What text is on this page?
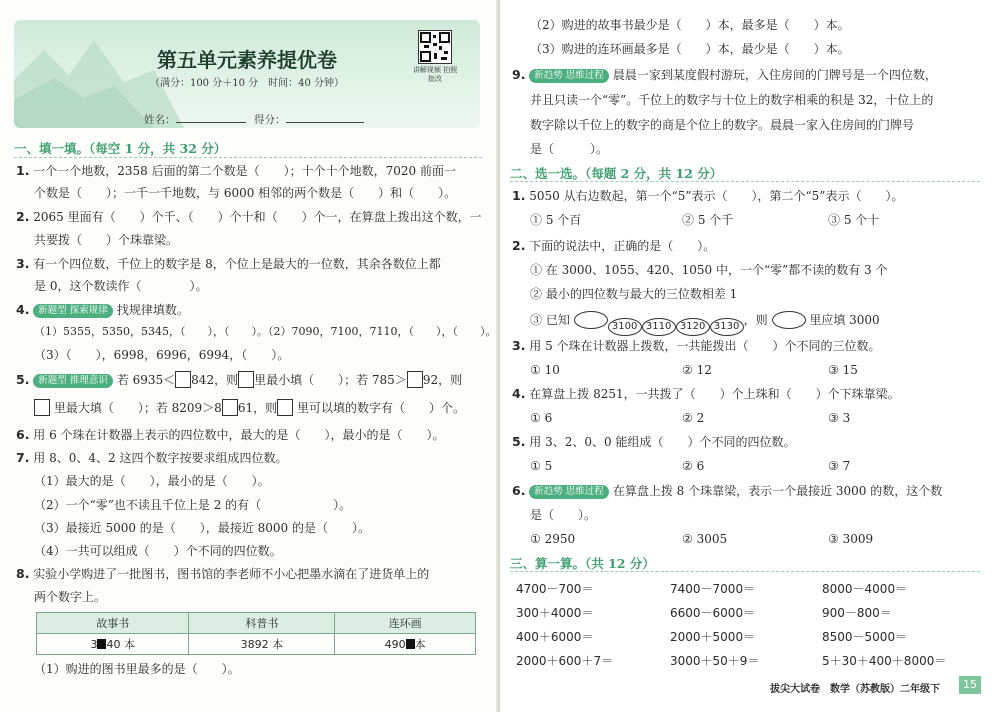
第五单元素养提优卷
（满分：100 分＋10 分　时间：40 分钟）
讲解视频 拍照批改
姓名：	得分：
一、填一填。（每空 1 分，共 32 分）
1. 一个一个地数，2358 后面的第二个数是（　　）；十个十个地数，7020 前面一
个数是（　　）；一千一千地数，与 6000 相邻的两个数是（　　）和（　　）。
2. 2065 里面有（　　）个千、（　　）个十和（　　）个一，在算盘上拨出这个数，一
共要拨（　　）个珠靠梁。
3. 有一个四位数，千位上的数字是 8，个位上是最大的一位数，其余各数位上都
是 0，这个数读作（　　　　）。
4. 新题型 探索规律 找规律填数。
（1）5355，5350，5345，（　　），（　　）。（2）7090，7100，7110，（　　），（　　）。
（3）（　　），6998，6996，6994，（　　）。
5. 新题型 推理意识 若 6935＜ 842，则 里最小填（　　）；若 785＞ 92，则
里最大填（　　）；若 8209＞8 61，则 里可以填的数字有（　　）个。
6. 用 6 个珠在计数器上表示的四位数中，最大的是（　　），最小的是（　　）。
7. 用 8、0、4、2 这四个数字按要求组成四位数。
（1）最大的是（　　），最小的是（　　）。
（2）一个“零”也不读且千位上是 2 的有（　　　　　　）。
（3）最接近 5000 的是（　　），最接近 8000 的是（　　）。
（4）一共可以组成（　　）个不同的四位数。
8. 实验小学购进了一批图书，图书馆的李老师不小心把墨水滴在了进货单上的
两个数字上。
故事书	科普书	连环画
3 40 本	3892 本	490 本
（1）购进的图书里最多的是（　　）。
（2）购进的故事书最少是（　　）本，最多是（　　）本。
（3）购进的连环画最多是（　　）本，最少是（　　）本。
9. 新趋势 思维过程 晨晨一家到某度假村游玩，入住房间的门牌号是一个四位数，
并且只读一个“零”。千位上的数字与十位上的数字相乘的积是 32，十位上的
数字除以千位上的数字的商是个位上的数字。晨晨一家入住房间的门牌号
是（　　　）。
二、选一选。（每题 2 分，共 12 分）
1. 5050 从右边数起，第一个“5”表示（　　），第二个“5”表示（　　）。
① 5 个百	② 5 个千	③ 5 个十
2. 下面的说法中，正确的是（　　）。
① 在 3000、1055、420、1050 中，一个“零”都不读的数有 3 个
② 最小的四位数与最大的三位数相差 1
③ 已知	3100 3110 3120 3130 ，则	里应填 3000
3. 用 5 个珠在计数器上拨数，一共能拨出（　　）个不同的三位数。
① 10	② 12	③ 15
4. 在算盘上拨 8251，一共拨了（　　）个上珠和（　　）个下珠靠梁。
① 6	② 2	③ 3
5. 用 3、2、0、0 能组成（　　）个不同的四位数。
① 5	② 6	③ 7
6. 新趋势 思维过程 在算盘上拨 8 个珠靠梁，表示一个最接近 3000 的数，这个数
是（　　）。
① 2950	② 3005	③ 3009
三、算一算。（共 12 分）
4700－700＝	7400－7000＝	8000－4000＝
300＋4000＝	6600－6000＝	900－800＝
400＋6000＝	2000＋5000＝	8500－5000＝
2000＋600＋7＝	3000＋50＋9＝	5＋30＋400＋8000＝
拔尖大试卷　数学（苏教版）二年级下	15
